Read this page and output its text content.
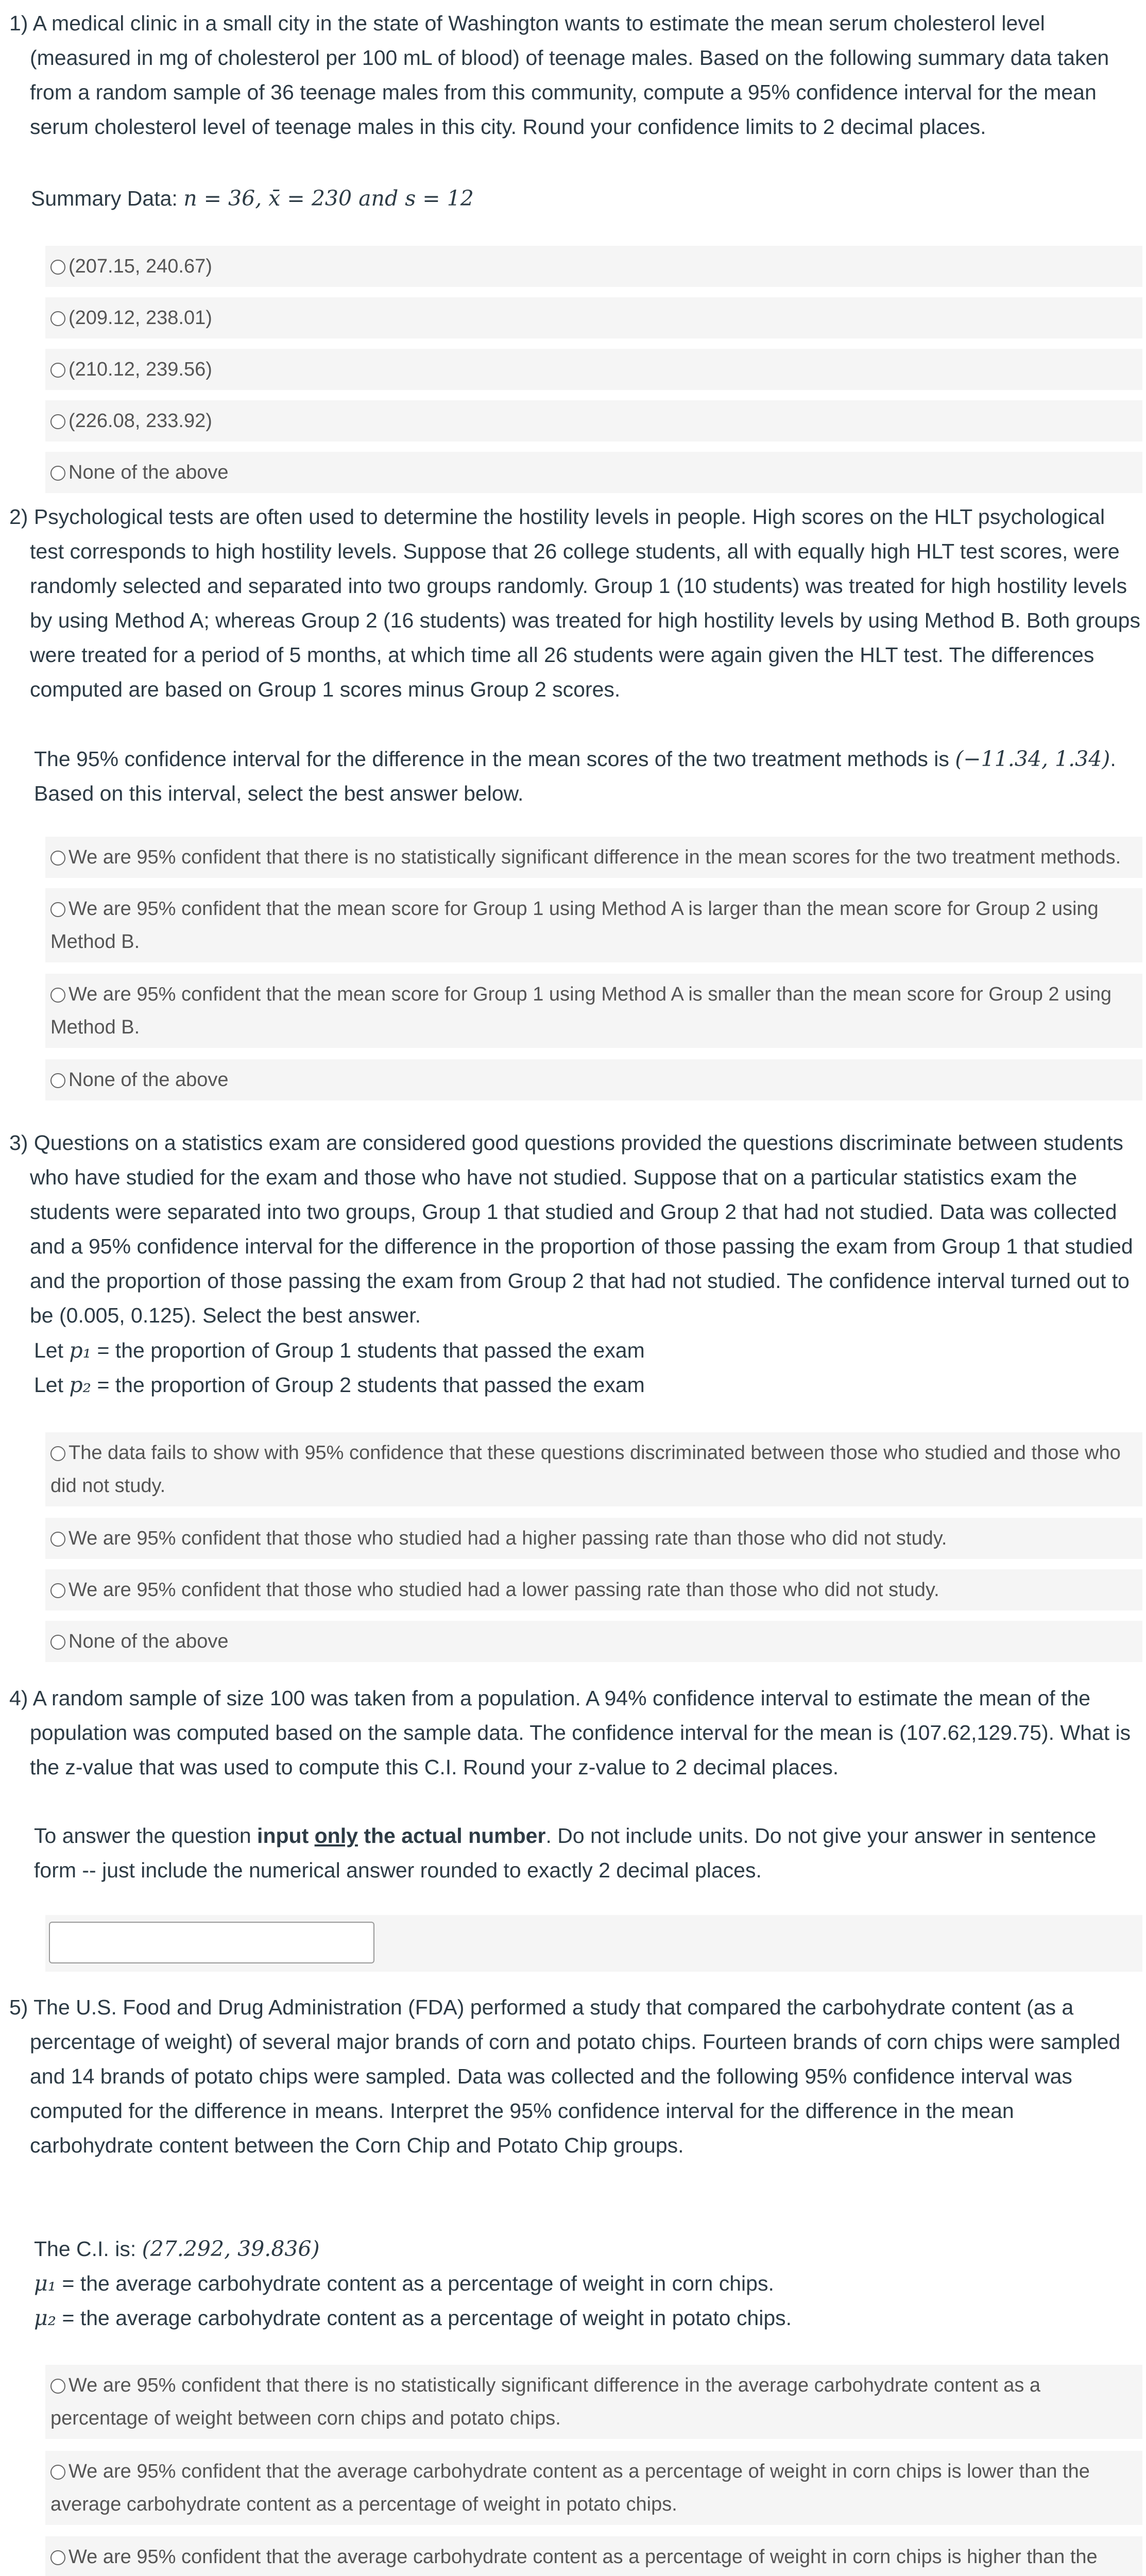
1) A medical clinic in a small city in the state of Washington wants to estimate the mean serum cholesterol level (measured in mg of cholesterol per 100 mL of blood) of teenage males. Based on the following summary data taken from a random sample of 36 teenage males from this community, compute a 95% confidence interval for the mean serum cholesterol level of teenage males in this city. Round your confidence limits to 2 decimal places.

Summary Data: n = 36, x̄ = 230 and s = 12
(207.15, 240.67)
(209.12, 238.01)
(210.12, 239.56)
(226.08, 233.92)
None of the above

2) Psychological tests are often used to determine the hostility levels in people. High scores on the HLT psychological test corresponds to high hostility levels. Suppose that 26 college students, all with equally high HLT test scores, were randomly selected and separated into two groups randomly. Group 1 (10 students) was treated for high hostility levels by using Method A; whereas Group 2 (16 students) was treated for high hostility levels by using Method B. Both groups were treated for a period of 5 months, at which time all 26 students were again given the HLT test. The differences computed are based on Group 1 scores minus Group 2 scores.

The 95% confidence interval for the difference in the mean scores of the two treatment methods is (−11.34, 1.34). Based on this interval, select the best answer below.
We are 95% confident that there is no statistically significant difference in the mean scores for the two treatment methods.
We are 95% confident that the mean score for Group 1 using Method A is larger than the mean score for Group 2 using Method B.
We are 95% confident that the mean score for Group 1 using Method A is smaller than the mean score for Group 2 using Method B.
None of the above

3) Questions on a statistics exam are considered good questions provided the questions discriminate between students who have studied for the exam and those who have not studied. Suppose that on a particular statistics exam the students were separated into two groups, Group 1 that studied and Group 2 that had not studied. Data was collected and a 95% confidence interval for the difference in the proportion of those passing the exam from Group 1 that studied and the proportion of those passing the exam from Group 2 that had not studied. The confidence interval turned out to be (0.005, 0.125). Select the best answer.

Let p₁ = the proportion of Group 1 students that passed the exam
Let p₂ = the proportion of Group 2 students that passed the exam
The data fails to show with 95% confidence that these questions discriminated between those who studied and those who did not study.
We are 95% confident that those who studied had a higher passing rate than those who did not study.
We are 95% confident that those who studied had a lower passing rate than those who did not study.
None of the above

4) A random sample of size 100 was taken from a population. A 94% confidence interval to estimate the mean of the population was computed based on the sample data. The confidence interval for the mean is (107.62,129.75). What is the z-value that was used to compute this C.I. Round your z-value to 2 decimal places.

To answer the question input only the actual number. Do not include units. Do not give your answer in sentence form -- just include the numerical answer rounded to exactly 2 decimal places.

5) The U.S. Food and Drug Administration (FDA) performed a study that compared the carbohydrate content (as a percentage of weight) of several major brands of corn and potato chips. Fourteen brands of corn chips were sampled and 14 brands of potato chips were sampled. Data was collected and the following 95% confidence interval was computed for the difference in means. Interpret the 95% confidence interval for the difference in the mean carbohydrate content between the Corn Chip and Potato Chip groups.

The C.I. is: (27.292, 39.836)
μ₁ = the average carbohydrate content as a percentage of weight in corn chips.
μ₂ = the average carbohydrate content as a percentage of weight in potato chips.
We are 95% confident that there is no statistically significant difference in the average carbohydrate content as a percentage of weight between corn chips and potato chips.
We are 95% confident that the average carbohydrate content as a percentage of weight in corn chips is lower than the average carbohydrate content as a percentage of weight in potato chips.
We are 95% confident that the average carbohydrate content as a percentage of weight in corn chips is higher than the
